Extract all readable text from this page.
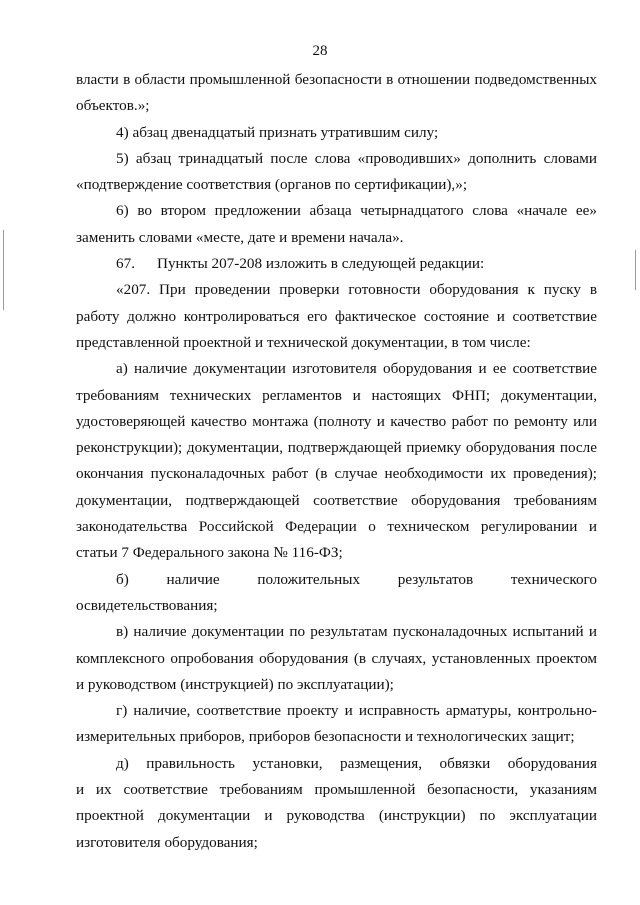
28

власти в области промышленной безопасности в отношении подведомственных
объектов.»;

4) абзац двенадцатый признать утратившим силу;

5) абзац тринадцатый после слова «проводивших» дополнить словами
«подтверждение соответствия (органов по сертификации),»;

6) во втором предложении абзаца четырнадцатого слова «начале ее»
заменить словами «месте, дате и времени начала».

67. Пункты 207-208 изложить в следующей редакции:

«207. При проведении проверки готовности оборудования к пуску в
работу должно контролироваться его фактическое состояние и соответствие
представленной проектной и технической документации, в том числе:

а) наличие документации изготовителя оборудования и ее соответствие
требованиям технических регламентов и настоящих ФНП; документации,
удостоверяющей качество монтажа (полноту и качество работ по ремонту или
реконструкции); документации, подтверждающей приемку оборудования после
окончания пусконаладочных работ (в случае необходимости их проведения);
документации, подтверждающей соответствие оборудования требованиям
законодательства Российской Федерации о техническом регулировании и
статьи 7 Федерального закона № 116-ФЗ;

б) наличие положительных результатов технического
освидетельствования;

в) наличие документации по результатам пусконаладочных испытаний и
комплексного опробования оборудования (в случаях, установленных проектом
и руководством (инструкцией) по эксплуатации);

г) наличие, соответствие проекту и исправность арматуры, контрольно-
измерительных приборов, приборов безопасности и технологических защит;

д) правильность установки, размещения, обвязки оборудования
и их соответствие требованиям промышленной безопасности, указаниям
проектной документации и руководства (инструкции) по эксплуатации
изготовителя оборудования;
